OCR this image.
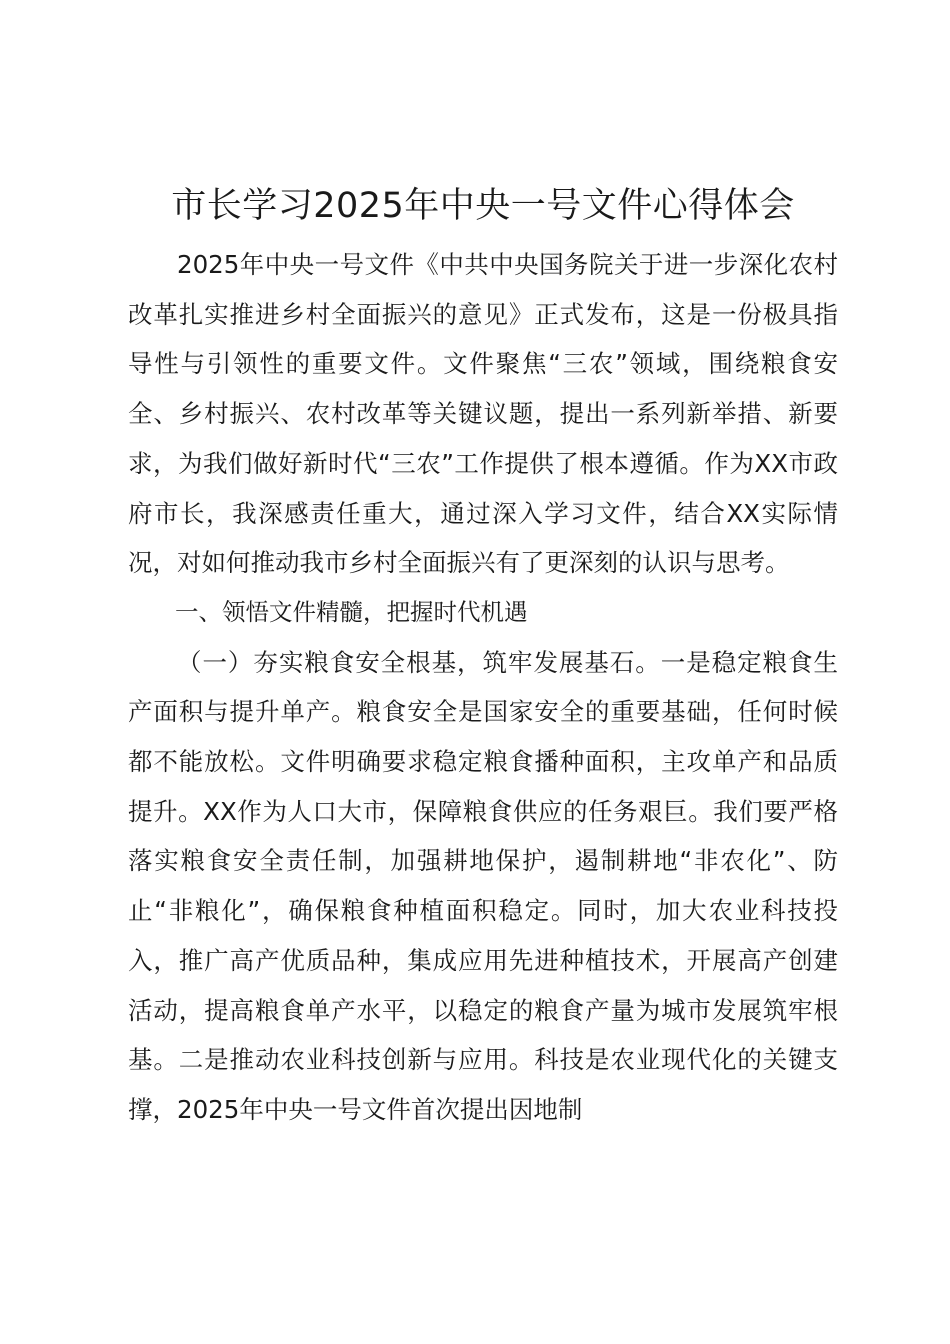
市长学习2025年中央一号文件心得体会

2025年中央一号文件《中共中央国务院关于进一步深化农村改革扎实推进乡村全面振兴的意见》正式发布，这是一份极具指导性与引领性的重要文件。文件聚焦“三农”领域，围绕粮食安全、乡村振兴、农村改革等关键议题，提出一系列新举措、新要求，为我们做好新时代“三农”工作提供了根本遵循。作为XX市政府市长，我深感责任重大，通过深入学习文件，结合XX实际情况，对如何推动我市乡村全面振兴有了更深刻的认识与思考。

一、领悟文件精髓，把握时代机遇

（一）夯实粮食安全根基，筑牢发展基石。一是稳定粮食生产面积与提升单产。粮食安全是国家安全的重要基础，任何时候都不能放松。文件明确要求稳定粮食播种面积，主攻单产和品质提升。XX作为人口大市，保障粮食供应的任务艰巨。我们要严格落实粮食安全责任制，加强耕地保护，遏制耕地“非农化”、防止“非粮化”，确保粮食种植面积稳定。同时，加大农业科技投入，推广高产优质品种，集成应用先进种植技术，开展高产创建活动，提高粮食单产水平，以稳定的粮食产量为城市发展筑牢根基。二是推动农业科技创新与应用。科技是农业现代化的关键支撑，2025年中央一号文件首次提出因地制
